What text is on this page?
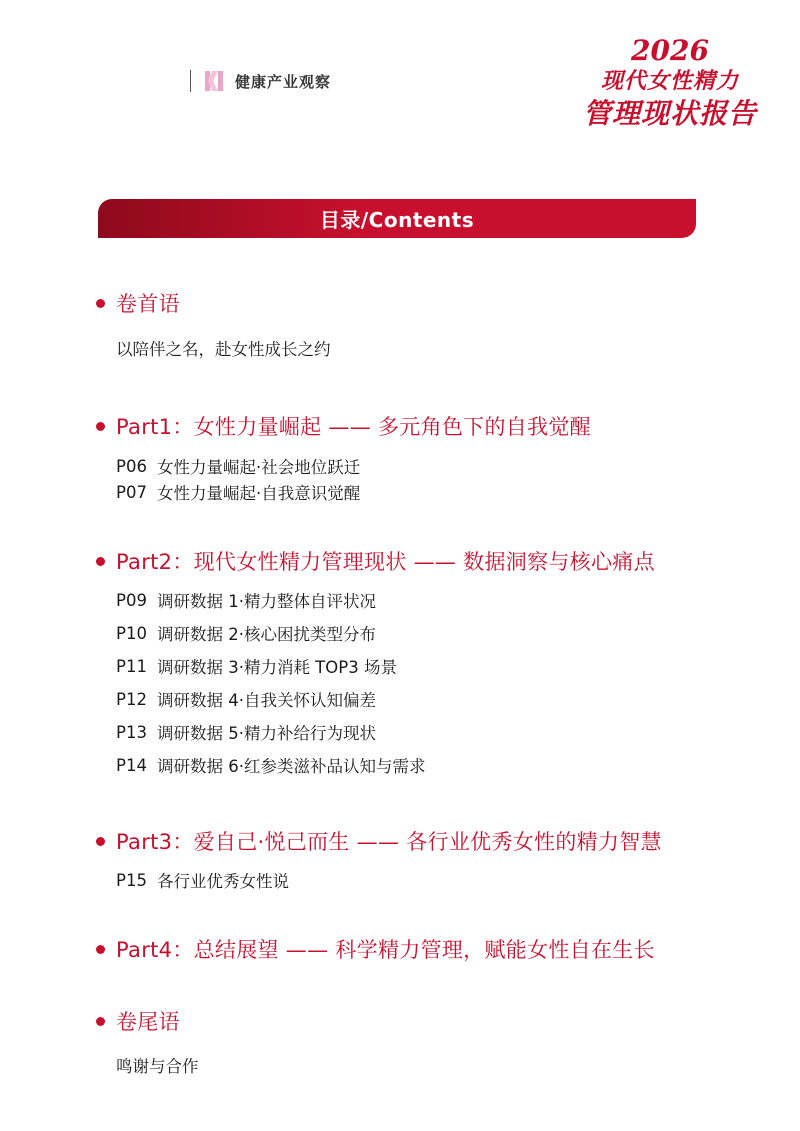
健康产业观察
2026
现代女性精力
管理现状报告
目录/Contents
卷首语
以陪伴之名，赴女性成长之约
Part1：女性力量崛起 —— 多元角色下的自我觉醒
P06 女性力量崛起·社会地位跃迁
P07 女性力量崛起·自我意识觉醒
Part2：现代女性精力管理现状 —— 数据洞察与核心痛点
P09 调研数据 1·精力整体自评状况
P10 调研数据 2·核心困扰类型分布
P11 调研数据 3·精力消耗 TOP3 场景
P12 调研数据 4·自我关怀认知偏差
P13 调研数据 5·精力补给行为现状
P14 调研数据 6·红参类滋补品认知与需求
Part3：爱自己·悦己而生 —— 各行业优秀女性的精力智慧
P15 各行业优秀女性说
Part4：总结展望 —— 科学精力管理，赋能女性自在生长
卷尾语
鸣谢与合作
